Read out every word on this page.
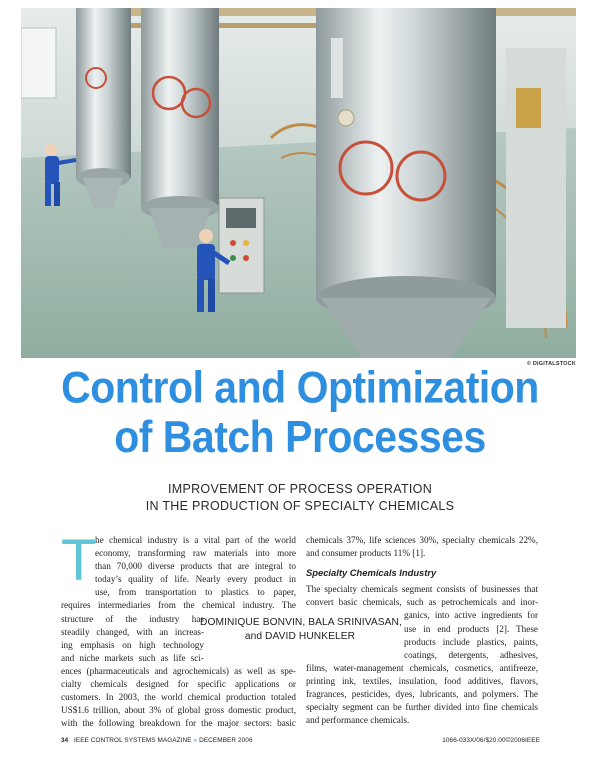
© DIGITALSTOCK
Control and Optimization
of Batch Processes
IMPROVEMENT OF PROCESS OPERATION
IN THE PRODUCTION OF SPECIALTY CHEMICALS
T
he chemical industry is a vital part of the world
economy, transforming raw materials into more
than 70,000 diverse products that are integral to
today’s quality of life. Nearly every product in
use, from transportation to plastics to paper,
requires intermediaries from the chemical industry. The
structure of the industry has
steadily changed, with an increas-
ing emphasis on high technology
and niche markets such as life sci-
ences (pharmaceuticals and agrochemicals) as well as spe-
cialty chemicals designed for specific applications or
customers. In 2003, the world chemical production totaled
US$1.6 trillion, about 3% of global gross domestic product,
with the following breakdown for the major sectors: basic
DOMINIQUE BONVIN, BALA SRINIVASAN,
and DAVID HUNKELER
chemicals 37%, life sciences 30%, specialty chemicals 22%,
and consumer products 11% [1].
Specialty Chemicals Industry
The specialty chemicals segment consists of businesses that
convert basic chemicals, such as petrochemicals and inor-
ganics, into active ingredients for
use in end products [2]. These
products include plastics, paints,
coatings, detergents, adhesives,
films, water-management chemicals, cosmetics, antifreeze,
printing ink, textiles, insulation, food additives, flavors,
fragrances, pesticides, dyes, lubricants, and polymers. The
specialty segment can be further divided into fine chemicals
and performance chemicals.
34 IEEE CONTROL SYSTEMS MAGAZINE » DECEMBER 2006	1066-033X/06/$20.00©2006IEEE
